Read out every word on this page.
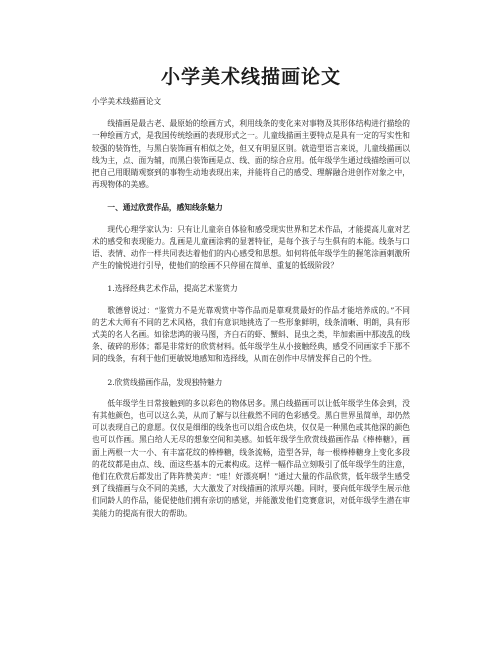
小学美术线描画论文

小学美术线描画论文

线描画是最古老、最原始的绘画方式，利用线条的变化来对事物及其形体结构进行描绘的一种绘画方式，是我国传统绘画的表现形式之一。儿童线描画主要特点是具有一定的写实性和较强的装饰性，与黑白装饰画有相似之处，但又有明显区别。就造型语言来说，儿童线描画以线为主，点、面为辅，而黑白装饰画是点、线、面的综合应用。低年级学生通过线描绘画可以把自己用眼睛观察到的事物生动地表现出来，并能将自己的感受、理解融合进创作对象之中，再现物体的美感。

一、通过欣赏作品，感知线条魅力

现代心理学家认为：只有让儿童亲自体验和感受现实世界和艺术作品，才能提高儿童对艺术的感受和表现能力。乱画是儿童画涂鸦的显著特征，是每个孩子与生俱有的本能。线条与口语、表情、动作一样共同表达着他们的内心感受和思想。如何将低年级学生的握笔涂画刺激所产生的愉悦进行引导，使他们的绘画不只停留在简单、重复的低级阶段？

1.选择经典艺术作品，提高艺术鉴赏力

歌德曾说过：“鉴赏力不是光靠观赏中等作品而是靠观赏最好的作品才能培养成的。”不同的艺术大师有不同的艺术风格，我们有意识地挑选了一些形象鲜明，线条清晰、明朗，具有形式美的名人名画。如徐悲鸿的骏马图，齐白石的虾、蟹蚪、昆虫之类，毕加索画中那凌乱的线条、破碎的形体；都是非常好的欣赏材料。低年级学生从小接触经典，感受不同画家手下那不同的线条，有利于他们更敏锐地感知和选择线，从而在创作中尽情发挥自己的个性。

2.欣赏线描画作品，发现独特魅力

低年级学生日常接触到的多以彩色的物体居多。黑白线描画可以让低年级学生体会到，没有其他颜色，也可以这么美，从而了解与以往截然不同的色彩感受。黑白世界虽简单，却仍然可以表现自己的意愿。仅仅是细细的线条也可以组合成色块，仅仅是一种黑色或其他深的颜色也可以作画。黑白给人无尽的想象空间和美感。如低年级学生欣赏线描画作品《棒棒糖》，画面上两根一大一小、有丰富花纹的棒棒糖，线条流畅，造型各异，每一根棒棒糖身上变化多段的花纹都是由点、线、面这些基本的元素构成。这样一幅作品立刻吸引了低年级学生的注意，他们在欣赏后都发出了阵阵赞美声：“哇！好漂亮啊！”通过大量的作品欣赏，低年级学生感受到了线描画与众不同的美感，大大激发了对线描画的浓厚兴趣。同时，要向低年级学生展示他们同龄人的作品，能促使他们拥有亲切的感觉，并能激发他们竞赛意识，对低年级学生潜在审美能力的提高有很大的帮助。
